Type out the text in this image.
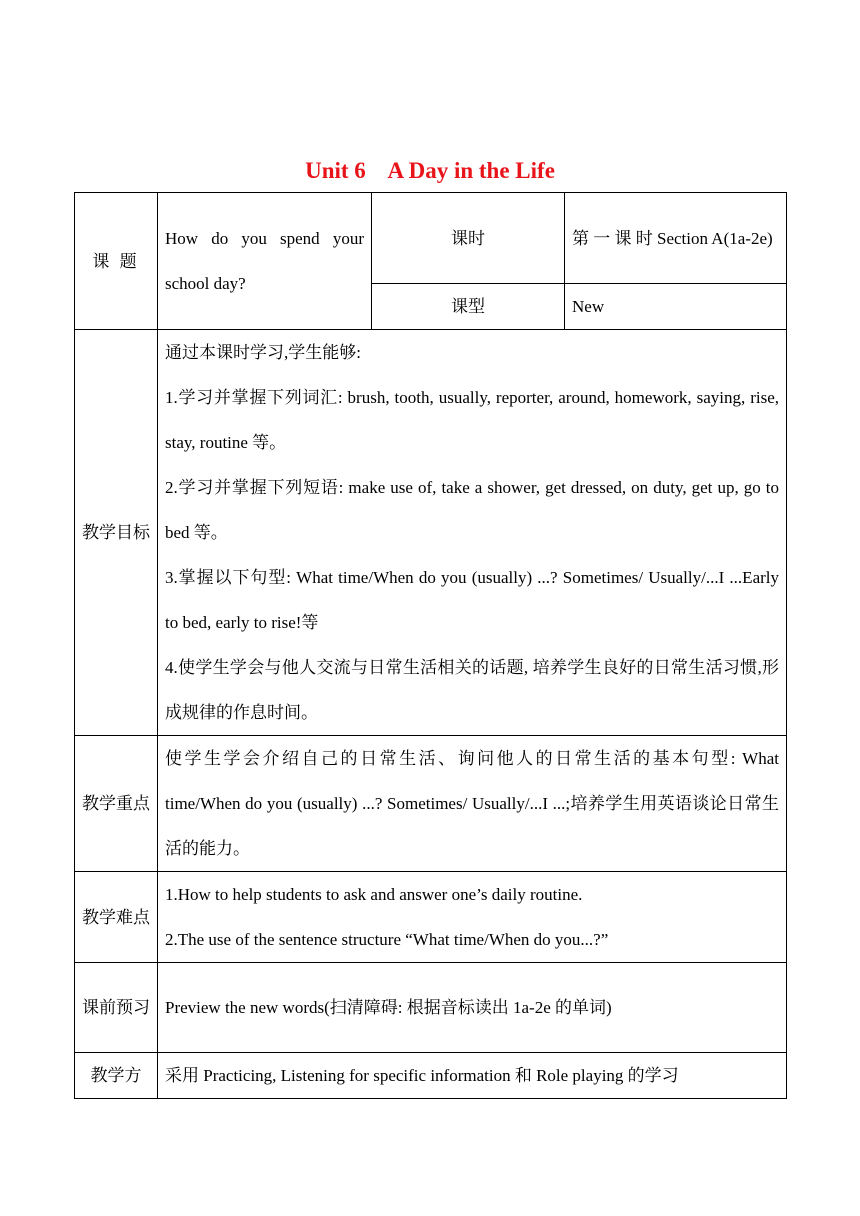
Unit 6    A Day in the Life
课 题	How do you spend your school day?	课时	第 一 课 时 Section A(1a-2e)
		课型	New
教学目标	通过本课时学习,学生能够:
1.学习并掌握下列词汇: brush, tooth, usually, reporter, around, homework, saying, rise, stay, routine 等。
2.学习并掌握下列短语: make use of, take a shower, get dressed, on duty, get up, go to bed 等。
3.掌握以下句型: What time/When do you (usually) ...? Sometimes/ Usually/...I ...Early to bed, early to rise!等
4.使学生学会与他人交流与日常生活相关的话题, 培养学生良好的日常生活习惯,形成规律的作息时间。		

教学重点	使学生学会介绍自己的日常生活、询问他人的日常生活的基本句型: What time/When do you (usually) ...? Sometimes/ Usually/...I ...;培养学生用英语谈论日常生活的能力。		

教学难点	1.How to help students to ask and answer one’s daily routine.
2.The use of the sentence structure “What time/When do you...?”		

课前预习	Preview the new words(扫清障碍: 根据音标读出 1a-2e 的单词)		
教学方	采用 Practicing, Listening for specific information 和 Role playing 的学习		
